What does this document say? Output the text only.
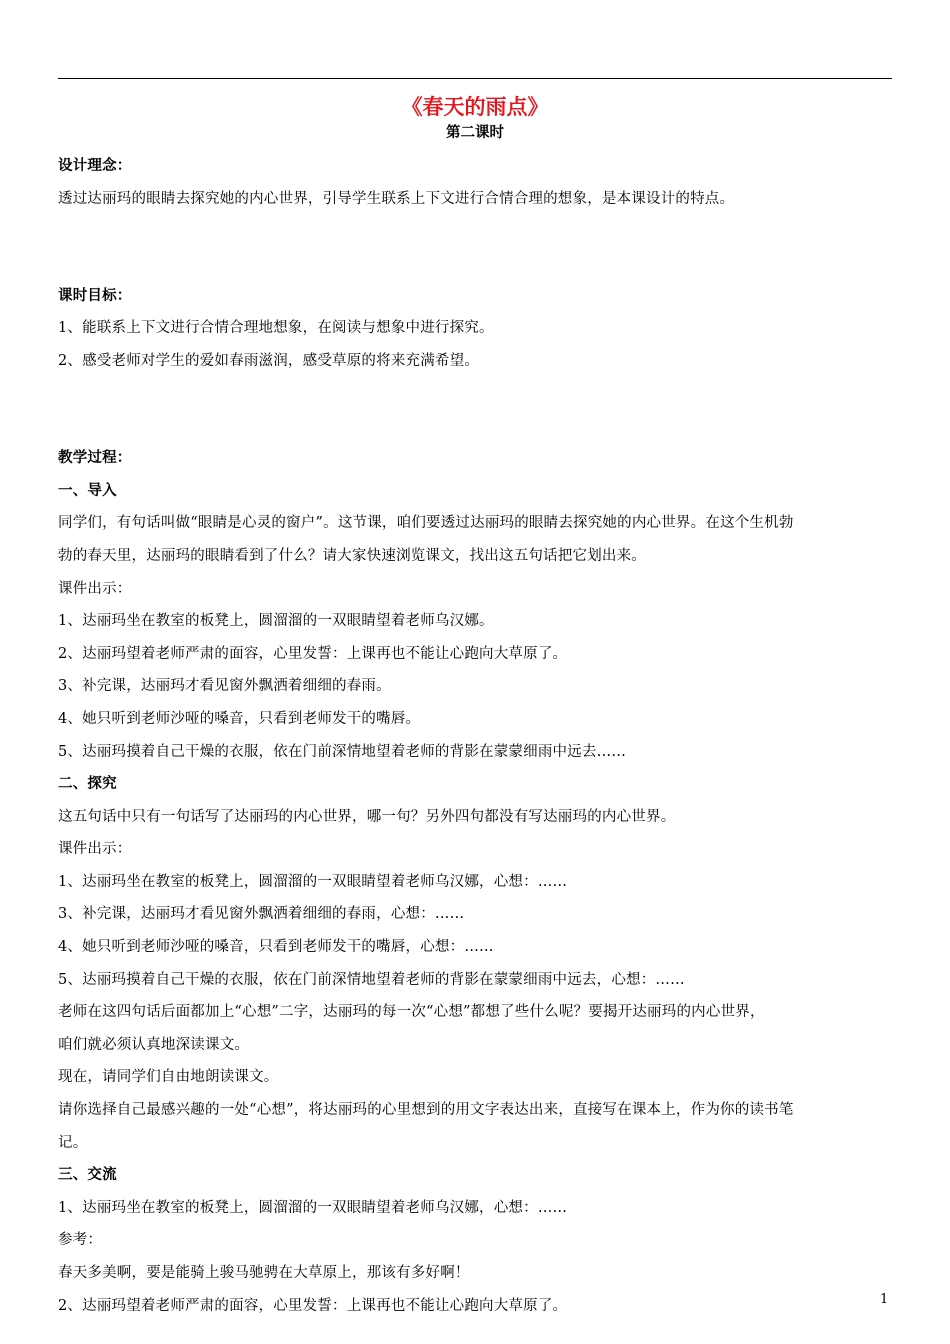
《春天的雨点》
第二课时

设计理念：

透过达丽玛的眼睛去探究她的内心世界，引导学生联系上下文进行合情合理的想象，是本课设计的特点。

课时目标：

1、能联系上下文进行合情合理地想象，在阅读与想象中进行探究。

2、感受老师对学生的爱如春雨滋润，感受草原的将来充满希望。

教学过程：

一、导入

同学们，有句话叫做“眼睛是心灵的窗户”。这节课，咱们要透过达丽玛的眼睛去探究她的内心世界。在这个生机勃

勃的春天里，达丽玛的眼睛看到了什么？请大家快速浏览课文，找出这五句话把它划出来。

课件出示：

1、达丽玛坐在教室的板凳上，圆溜溜的一双眼睛望着老师乌汉娜。

2、达丽玛望着老师严肃的面容，心里发誓：上课再也不能让心跑向大草原了。

3、补完课，达丽玛才看见窗外飘洒着细细的春雨。

4、她只听到老师沙哑的嗓音，只看到老师发干的嘴唇。

5、达丽玛摸着自己干燥的衣服，依在门前深情地望着老师的背影在蒙蒙细雨中远去……

二、探究

这五句话中只有一句话写了达丽玛的内心世界，哪一句？另外四句都没有写达丽玛的内心世界。

课件出示：

1、达丽玛坐在教室的板凳上，圆溜溜的一双眼睛望着老师乌汉娜，心想：……

3、补完课，达丽玛才看见窗外飘洒着细细的春雨，心想：……

4、她只听到老师沙哑的嗓音，只看到老师发干的嘴唇，心想：……

5、达丽玛摸着自己干燥的衣服，依在门前深情地望着老师的背影在蒙蒙细雨中远去，心想：……

老师在这四句话后面都加上“心想”二字，达丽玛的每一次“心想”都想了些什么呢？要揭开达丽玛的内心世界，

咱们就必须认真地深读课文。

现在，请同学们自由地朗读课文。

请你选择自己最感兴趣的一处“心想”，将达丽玛的心里想到的用文字表达出来，直接写在课本上，作为你的读书笔

记。

三、交流

1、达丽玛坐在教室的板凳上，圆溜溜的一双眼睛望着老师乌汉娜，心想：……

参考：

春天多美啊，要是能骑上骏马驰骋在大草原上，那该有多好啊！

2、达丽玛望着老师严肃的面容，心里发誓：上课再也不能让心跑向大草原了。	1
